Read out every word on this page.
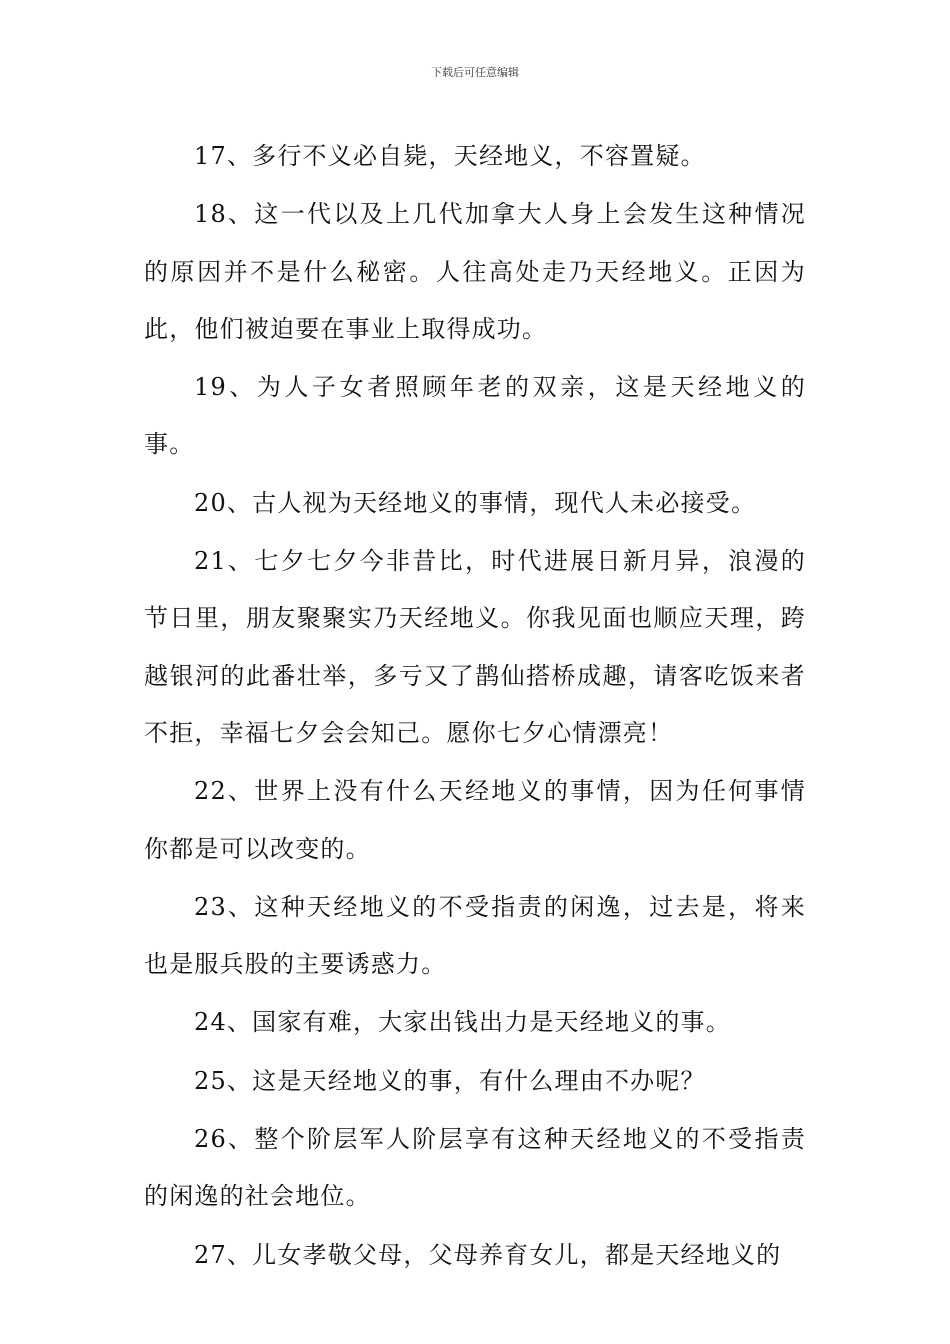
下载后可任意编辑

17、多行不义必自毙，天经地义，不容置疑。

18、这一代以及上几代加拿大人身上会发生这种情况的原因并不是什么秘密。人往高处走乃天经地义。正因为此，他们被迫要在事业上取得成功。

19、为人子女者照顾年老的双亲，这是天经地义的事。

20、古人视为天经地义的事情，现代人未必接受。

21、七夕七夕今非昔比，时代进展日新月异，浪漫的节日里，朋友聚聚实乃天经地义。你我见面也顺应天理，跨越银河的此番壮举，多亏又了鹊仙搭桥成趣，请客吃饭来者不拒，幸福七夕会会知己。愿你七夕心情漂亮！

22、世界上没有什么天经地义的事情，因为任何事情你都是可以改变的。

23、这种天经地义的不受指责的闲逸，过去是，将来也是服兵股的主要诱惑力。

24、国家有难，大家出钱出力是天经地义的事。

25、这是天经地义的事，有什么理由不办呢？

26、整个阶层军人阶层享有这种天经地义的不受指责的闲逸的社会地位。

27、儿女孝敬父母，父母养育女儿，都是天经地义的
